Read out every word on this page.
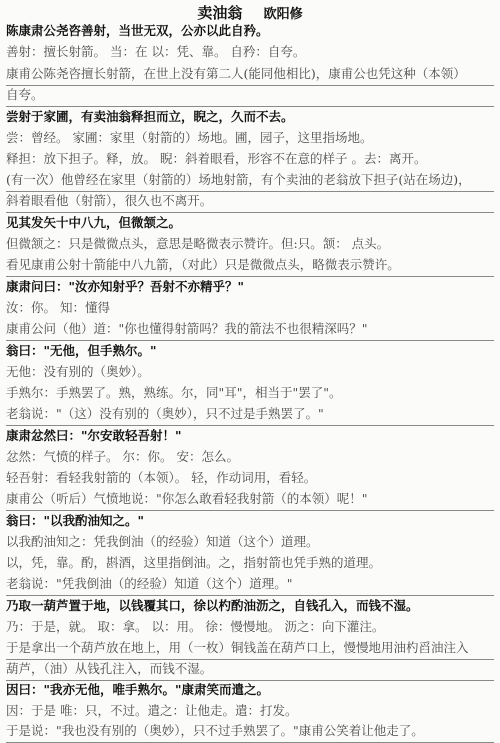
卖油翁 欧阳修
陈康肃公尧咨善射，当世无双，公亦以此自矜。
善射：擅长射箭。 当：在 以：凭、靠。 自矜：自夸。
康甫公陈尧咨擅长射箭，在世上没有第二人(能同他相比)，康甫公也凭这种（本领）
自夸。
尝射于家圃，有卖油翁释担而立，睨之，久而不去。
尝：曾经。 家圃：家里（射箭的）场地。圃，园子，这里指场地。
释担：放下担子。释，放。 睨：斜着眼看，形容不在意的样子 。去：离开。
(有一次）他曾经在家里（射箭的）场地射箭，有个卖油的老翁放下担子(站在场边)，
斜着眼看他（射箭），很久也不离开。
见其发矢十中八九，但微颔之。
但微颔之：只是微微点头，意思是略微表示赞许。但:只。颔： 点头。
看见康甫公射十箭能中八九箭，（对此）只是微微点头，略微表示赞许。
康肃问曰："汝亦知射乎？吾射不亦精乎？"
汝：你。 知：懂得
康甫公问（他）道："你也懂得射箭吗？我的箭法不也很精深吗？"
翁曰："无他，但手熟尔。"
无他：没有别的（奥妙）。
手熟尔：手熟罢了。熟，熟练。尔，同"耳"，相当于"罢了"。
老翁说："（这）没有别的（奥妙），只不过是手熟罢了。"
康肃忿然曰："尔安敢轻吾射！"
忿然：气愤的样子。 尔：你。 安：怎么。
轻吾射：看轻我射箭的（本领）。 轻，作动词用，看轻。
康甫公（听后）气愤地说："你怎么敢看轻我射箭（的本领）呢！"
翁曰："以我酌油知之。"
以我酌油知之：凭我倒油（的经验）知道（这个）道理。
以，凭，靠。酌，斟酒，这里指倒油。之，指射箭也凭手熟的道理。
老翁说："凭我倒油（的经验）知道（这个）道理。"
乃取一葫芦置于地，以钱覆其口，徐以杓酌油沥之，自钱孔入，而钱不湿。
乃：于是，就。 取：拿。 以：用。 徐：慢慢地。 沥之：向下灌注。
于是拿出一个葫芦放在地上，用（一枚）铜钱盖在葫芦口上，慢慢地用油杓舀油注入
葫芦，（油）从钱孔注入，而钱不湿。
因曰："我亦无他，唯手熟尔。"康肃笑而遣之。
因：于是 唯：只，不过。遣之：让他走。遣：打发。
于是说："我也没有别的（奥妙），只不过手熟罢了。"康甫公笑着让他走了。
